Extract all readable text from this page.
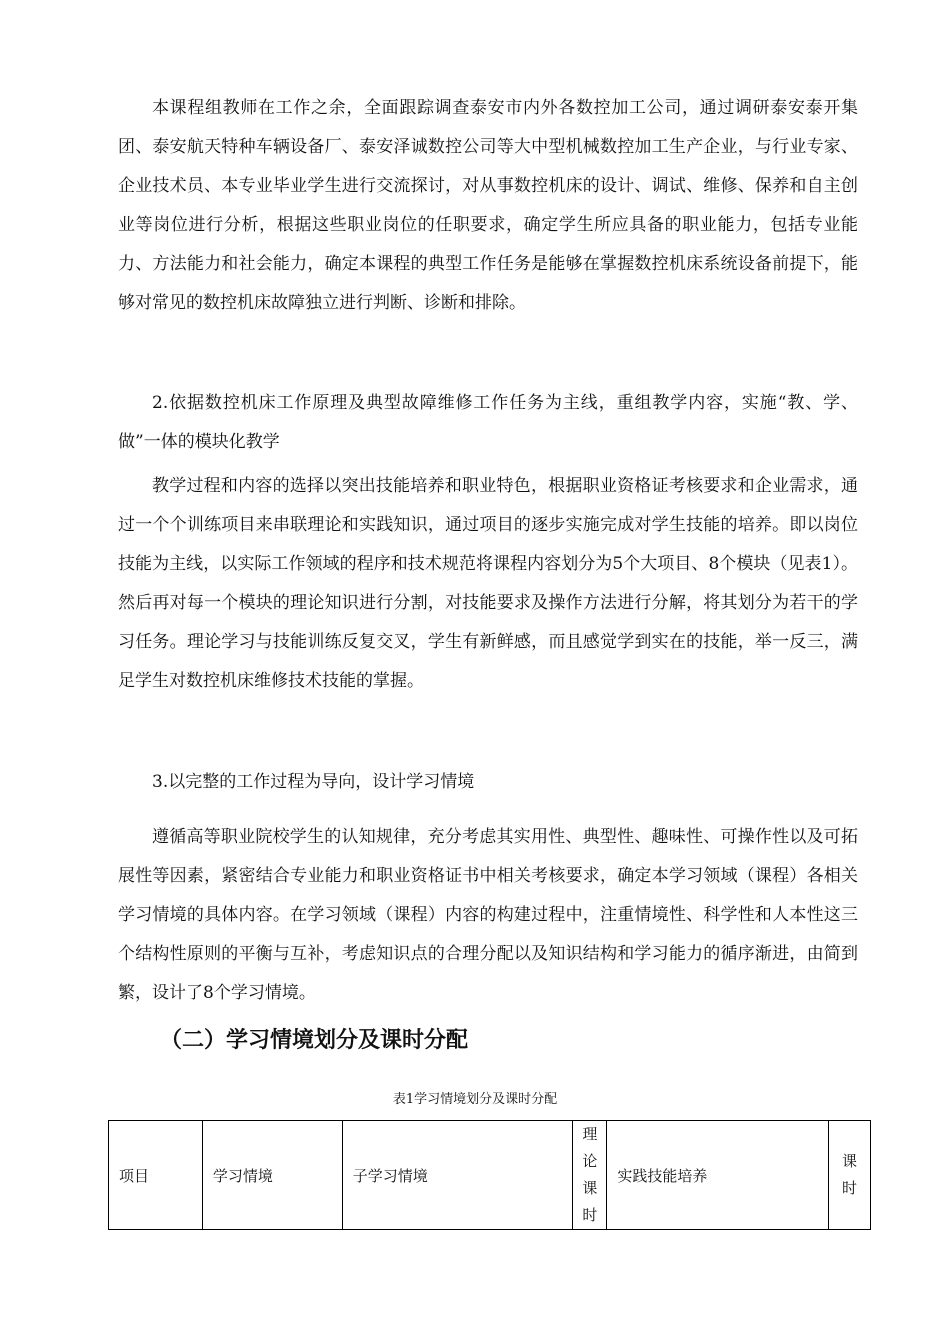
本课程组教师在工作之余，全面跟踪调查泰安市内外各数控加工公司，通过调研泰安泰开集团、泰安航天特种车辆设备厂、泰安泽诚数控公司等大中型机械数控加工生产企业，与行业专家、企业技术员、本专业毕业学生进行交流探讨，对从事数控机床的设计、调试、维修、保养和自主创业等岗位进行分析，根据这些职业岗位的任职要求，确定学生所应具备的职业能力，包括专业能力、方法能力和社会能力，确定本课程的典型工作任务是能够在掌握数控机床系统设备前提下，能够对常见的数控机床故障独立进行判断、诊断和排除。

2.依据数控机床工作原理及典型故障维修工作任务为主线，重组教学内容，实施“教、学、做”一体的模块化教学

教学过程和内容的选择以突出技能培养和职业特色，根据职业资格证考核要求和企业需求，通过一个个训练项目来串联理论和实践知识，通过项目的逐步实施完成对学生技能的培养。即以岗位技能为主线，以实际工作领域的程序和技术规范将课程内容划分为5个大项目、8个模块（见表1）。然后再对每一个模块的理论知识进行分割，对技能要求及操作方法进行分解，将其划分为若干的学习任务。理论学习与技能训练反复交叉，学生有新鲜感，而且感觉学到实在的技能，举一反三，满足学生对数控机床维修技术技能的掌握。

3.以完整的工作过程为导向，设计学习情境

遵循高等职业院校学生的认知规律，充分考虑其实用性、典型性、趣味性、可操作性以及可拓展性等因素，紧密结合专业能力和职业资格证书中相关考核要求，确定本学习领域（课程）各相关学习情境的具体内容。在学习领域（课程）内容的构建过程中，注重情境性、科学性和人本性这三个结构性原则的平衡与互补，考虑知识点的合理分配以及知识结构和学习能力的循序渐进，由简到繁，设计了8个学习情境。

（二）学习情境划分及课时分配

表1学习情境划分及课时分配

项目	学习情境	子学习情境	理论课时	实践技能培养	课时
